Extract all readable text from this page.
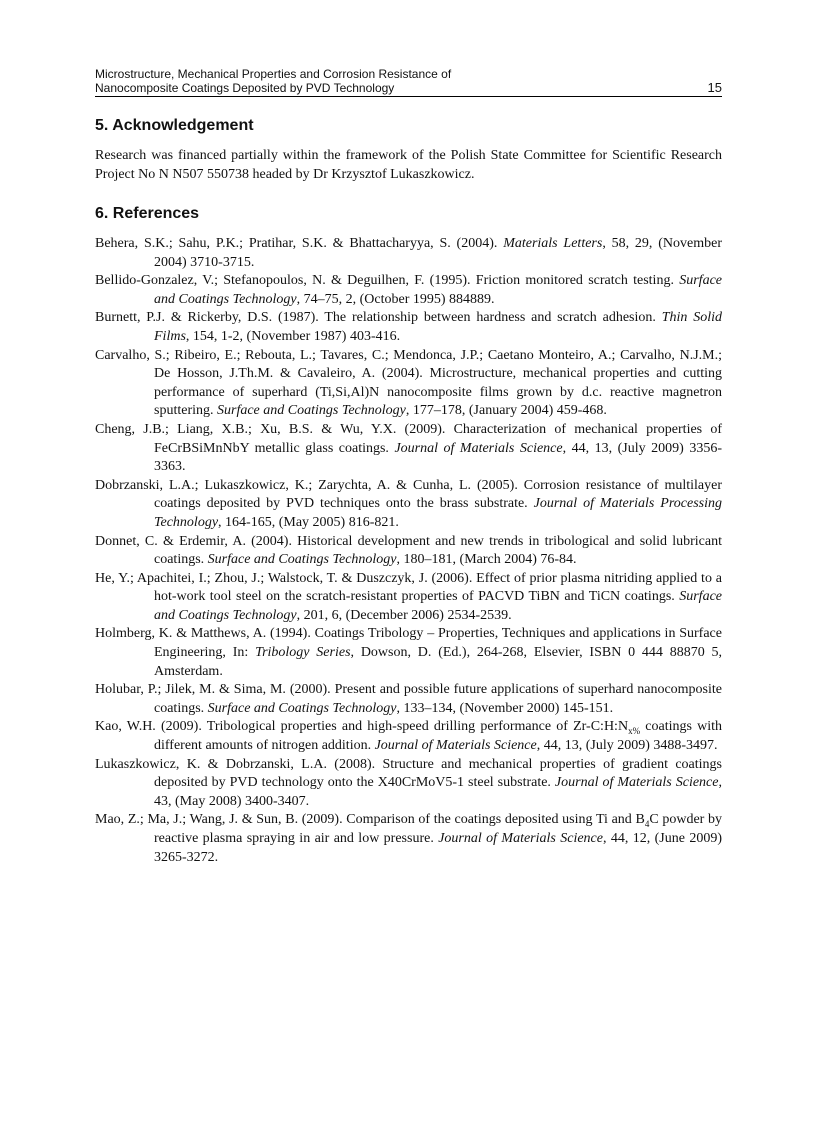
Microstructure, Mechanical Properties and Corrosion Resistance of
Nanocomposite Coatings Deposited by PVD Technology	15
5. Acknowledgement

Research was financed partially within the framework of the Polish State Committee for Scientific Research Project No N N507 550738 headed by Dr Krzysztof Lukaszkowicz.

6. References

Behera, S.K.; Sahu, P.K.; Pratihar, S.K. & Bhattacharyya, S. (2004). Materials Letters, 58, 29, (November 2004) 3710-3715.

Bellido-Gonzalez, V.; Stefanopoulos, N. & Deguilhen, F. (1995). Friction monitored scratch testing. Surface and Coatings Technology, 74–75, 2, (October 1995) 884889.

Burnett, P.J. & Rickerby, D.S. (1987). The relationship between hardness and scratch adhesion. Thin Solid Films, 154, 1-2, (November 1987) 403-416.

Carvalho, S.; Ribeiro, E.; Rebouta, L.; Tavares, C.; Mendonca, J.P.; Caetano Monteiro, A.; Carvalho, N.J.M.; De Hosson, J.Th.M. & Cavaleiro, A. (2004). Microstructure, mechanical properties and cutting performance of superhard (Ti,Si,Al)N nanocomposite films grown by d.c. reactive magnetron sputtering. Surface and Coatings Technology, 177–178, (January 2004) 459-468.

Cheng, J.B.; Liang, X.B.; Xu, B.S. & Wu, Y.X. (2009). Characterization of mechanical properties of FeCrBSiMnNbY metallic glass coatings. Journal of Materials Science, 44, 13, (July 2009) 3356-3363.

Dobrzanski, L.A.; Lukaszkowicz, K.; Zarychta, A. & Cunha, L. (2005). Corrosion resistance of multilayer coatings deposited by PVD techniques onto the brass substrate. Journal of Materials Processing Technology, 164-165, (May 2005) 816-821.

Donnet, C. & Erdemir, A. (2004). Historical development and new trends in tribological and solid lubricant coatings. Surface and Coatings Technology, 180–181, (March 2004) 76-84.

He, Y.; Apachitei, I.; Zhou, J.; Walstock, T. & Duszczyk, J. (2006). Effect of prior plasma nitriding applied to a hot-work tool steel on the scratch-resistant properties of PACVD TiBN and TiCN coatings. Surface and Coatings Technology, 201, 6, (December 2006) 2534-2539.

Holmberg, K. & Matthews, A. (1994). Coatings Tribology – Properties, Techniques and applications in Surface Engineering, In: Tribology Series, Dowson, D. (Ed.), 264-268, Elsevier, ISBN 0 444 88870 5, Amsterdam.

Holubar, P.; Jilek, M. & Sima, M. (2000). Present and possible future applications of superhard nanocomposite coatings. Surface and Coatings Technology, 133–134, (November 2000) 145-151.

Kao, W.H. (2009). Tribological properties and high-speed drilling performance of $Zr-C:H:N_{x\%}$ coatings with different amounts of nitrogen addition. Journal of Materials Science, 44, 13, (July 2009) 3488-3497.

Lukaszkowicz, K. & Dobrzanski, L.A. (2008). Structure and mechanical properties of gradient coatings deposited by PVD technology onto the X40CrMoV5-1 steel substrate. Journal of Materials Science, 43, (May 2008) 3400-3407.

Mao, Z.; Ma, J.; Wang, J. & Sun, B. (2009). Comparison of the coatings deposited using Ti and $B_4C$ powder by reactive plasma spraying in air and low pressure. Journal of Materials Science, 44, 12, (June 2009) 3265-3272.
